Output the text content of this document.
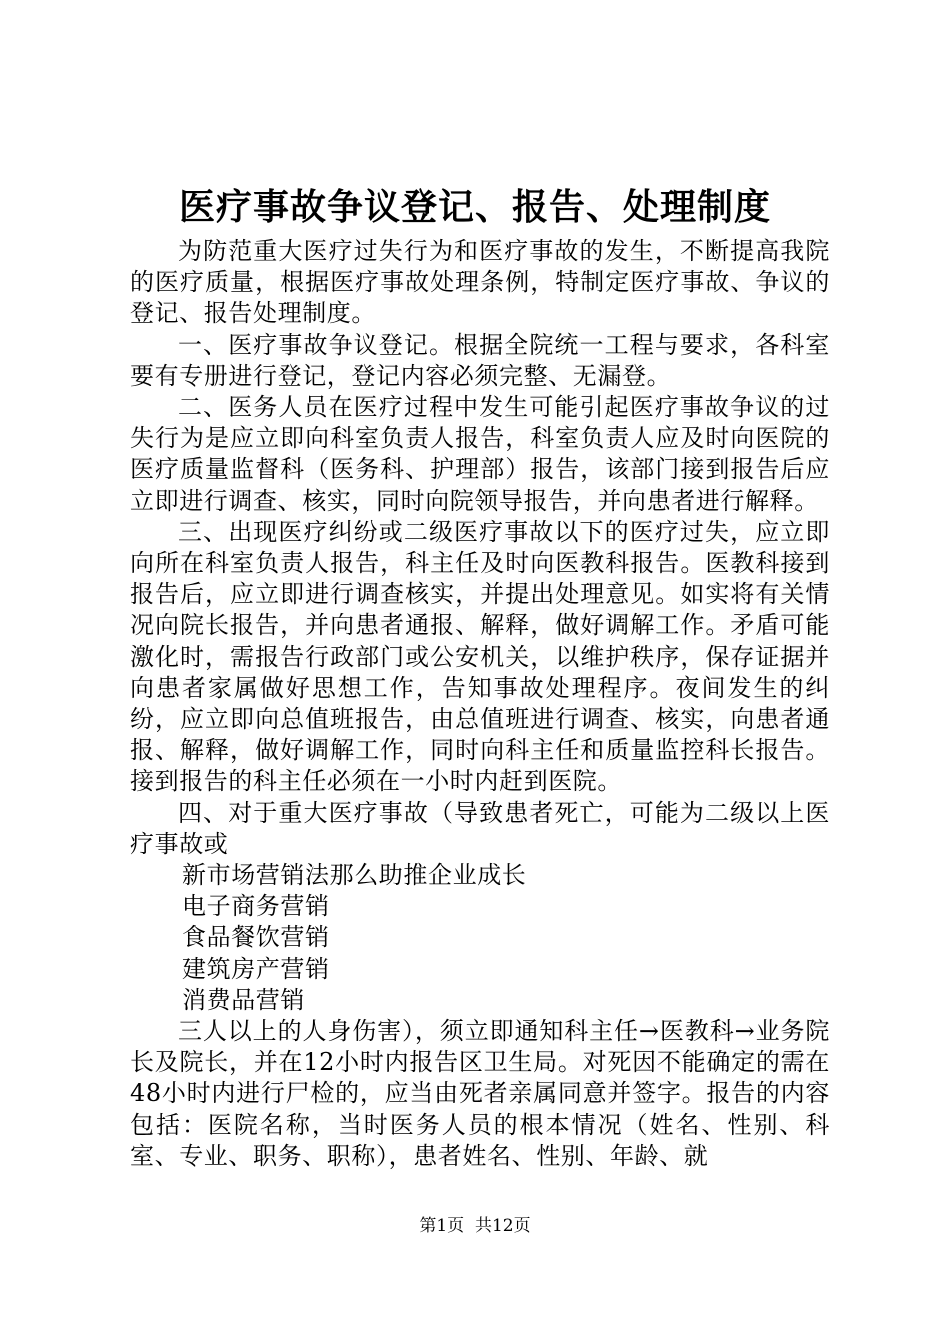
医疗事故争议登记、报告、处理制度

为防范重大医疗过失行为和医疗事故的发生，不断提高我院的医疗质量，根据医疗事故处理条例，特制定医疗事故、争议的登记、报告处理制度。

一、医疗事故争议登记。根据全院统一工程与要求，各科室要有专册进行登记，登记内容必须完整、无漏登。

二、医务人员在医疗过程中发生可能引起医疗事故争议的过失行为是应立即向科室负责人报告，科室负责人应及时向医院的医疗质量监督科（医务科、护理部）报告，该部门接到报告后应立即进行调查、核实，同时向院领导报告，并向患者进行解释。

三、出现医疗纠纷或二级医疗事故以下的医疗过失，应立即向所在科室负责人报告，科主任及时向医教科报告。医教科接到报告后，应立即进行调查核实，并提出处理意见。如实将有关情况向院长报告，并向患者通报、解释，做好调解工作。矛盾可能激化时，需报告行政部门或公安机关，以维护秩序，保存证据并向患者家属做好思想工作，告知事故处理程序。夜间发生的纠纷，应立即向总值班报告，由总值班进行调查、核实，向患者通报、解释，做好调解工作，同时向科主任和质量监控科长报告。接到报告的科主任必须在一小时内赶到医院。

四、对于重大医疗事故（导致患者死亡，可能为二级以上医疗事故或

新市场营销法那么助推企业成长

电子商务营销

食品餐饮营销

建筑房产营销

消费品营销

三人以上的人身伤害），须立即通知科主任→医教科→业务院长及院长，并在12小时内报告区卫生局。对死因不能确定的需在48小时内进行尸检的，应当由死者亲属同意并签字。报告的内容包括：医院名称，当时医务人员的根本情况（姓名、性别、科室、专业、职务、职称），患者姓名、性别、年龄、就

第1页  共12页
